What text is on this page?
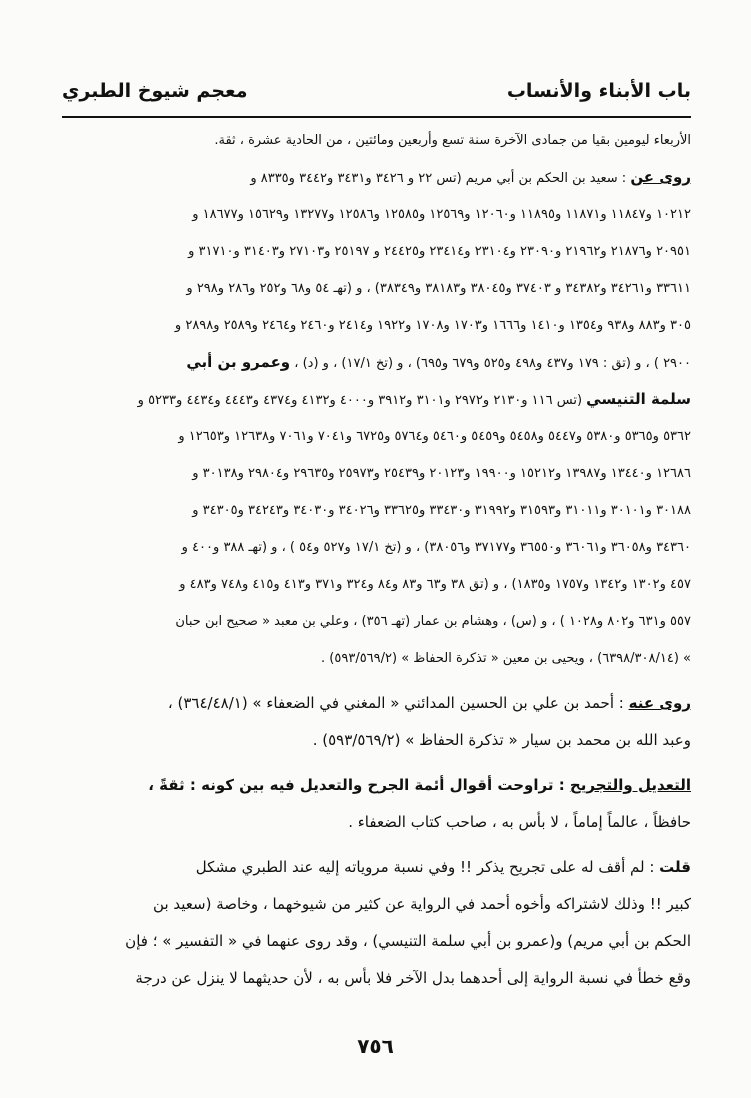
باب الأبناء والأنساب
معجم شيوخ الطبري
الأربعاء ليومين بقيا من جمادى الآخرة سنة تسع وأربعين ومائتين ، من الحادية عشرة ، ثقة.
روى عن : سعيد بن الحكم بن أبي مريم (تس ٢٢ و ٣٤٢٦ و٣٤٣١ و٣٤٤٢ و٨٣٣٥ و
١٠٢١٢ و١١٨٤٧ و١١٨٧١ و١١٨٩٥ و١٢٠٦٠ و١٢٥٦٩ و١٢٥٨٥ و١٢٥٨٦ و١٣٢٧٧ و١٥٦٢٩ و١٨٦٧٧ و
٢٠٩٥١ و٢١٨٧٦ و٢١٩٦٢ و٢٣٠٩٠ و٢٣١٠٤ و٢٣٤١٤ و٢٤٤٢٥ و ٢٥١٩٧ و٢٧١٠٣ و٣١٤٠٣ و٣١٧١٠ و
٣٣٦١١ و٣٤٢٦١ و٣٤٣٨٢ و ٣٧٤٠٣ و٣٨٠٤٥ و٣٨١٨٣ و٣٨٣٤٩) ، و (تهـ ٥٤ و٦٨ و٢٥٢ و٢٨٦ و٢٩٨ و
٣٠٥ و٨٨٣ و٩٣٨ و١٣٥٤ و١٤١٠ و١٦٦٦ و١٧٠٣ و١٧٠٨ و١٩٢٢ و٢٤١٤ و٢٤٦٠ و٢٤٦٤ و٢٥٨٩ و٢٨٩٨ و
٢٩٠٠ ) ، و (تق : ١٧٩ و٤٣٧ و٤٩٨ و٥٢٥ و٦٧٩ و٦٩٥) ، و (تخ ١٧/١) ، و (د) ، وعمرو بن أبي
سلمة التنيسي (تس ١١٦ و٢١٣٠ و٢٩٧٢ و٣١٠١ و٣٩١٢ و٤٠٠٠ و٤١٣٢ و٤٣٧٤ و٤٤٤٣ و٤٤٣٤ و٥٢٣٣ و
٥٣٦٢ و٥٣٦٥ و٥٣٨٠ و٥٤٤٧ و٥٤٥٨ و٥٤٥٩ و٥٤٦٠ و٥٧٦٤ و٦٧٢٥ و٧٠٤١ و٧٠٦١ و١٢٦٣٨ و١٢٦٥٣ و
١٢٦٨٦ و١٣٤٤٠ و١٣٩٨٧ و١٥٢١٢ و١٩٩٠٠ و٢٠١٢٣ و٢٥٤٣٩ و٢٥٩٧٣ و٢٩٦٣٥ و٢٩٨٠٤ و٣٠١٣٨ و
٣٠١٨٨ و٣٠١٠١ و٣١٠١١ و٣١٥٩٣ و٣١٩٩٢ و٣٣٤٣٠ و٣٣٦٢٥ و٣٤٠٢٦ و٣٤٠٣٠ و٣٤٢٤٣ و٣٤٣٠٥ و
٣٤٣٦٠ و٣٦٠٥٨ و٣٦٠٦١ و٣٦٥٥٠ و٣٧١٧٧ و٣٨٠٥٦) ، و (تخ ١٧/١ و٥٢٧ و٥٤ ) ، و (تهـ ٣٨٨ و٤٠٠ و
٤٥٧ و١٣٠٢ و١٣٤٢ و١٧٥٧ و١٨٣٥) ، و (تق ٣٨ و٦٣ و٨٣ و٨٤ و٣٢٤ و٣٧١ و٤١٣ و٤١٥ و٧٤٨ و٤٨٣ و
٥٥٧ و٦٣١ و٨٠٢ و١٠٢٨ ) ، و (س) ، وهشام بن عمار (تهـ ٣٥٦) ، وعلي بن معبد « صحيح ابن حبان
» (٦٣٩٨/٣٠٨/١٤) ، ويحيى بن معين « تذكرة الحفاظ » (٥٩٣/٥٦٩/٢) .
روى عنه : أحمد بن علي بن الحسين المدائني « المغني في الضعفاء » (٣٦٤/٤٨/١) ،
وعبد الله بن محمد بن سيار « تذكرة الحفاظ » (٥٩٣/٥٦٩/٢) .
التعديل والتجريح : تراوحت أقوال أئمة الجرح والتعديل فيه بين كونه : ثقةً ،
حافظاً ، عالماً إماماً ، لا بأس به ، صاحب كتاب الضعفاء .
قلت : لم أقف له على تجريح يذكر !! وفي نسبة مروياته إليه عند الطبري مشكل
كبير !! وذلك لاشتراكه وأخوه أحمد في الرواية عن كثير من شيوخهما ، وخاصة (سعيد بن
الحكم بن أبي مريم) و(عمرو بن أبي سلمة التنيسي) ، وقد روى عنهما في « التفسير » ؛ فإن
وقع خطأ في نسبة الرواية إلى أحدهما بدل الآخر فلا بأس به ، لأن حديثهما لا ينزل عن درجة
٧٥٦
